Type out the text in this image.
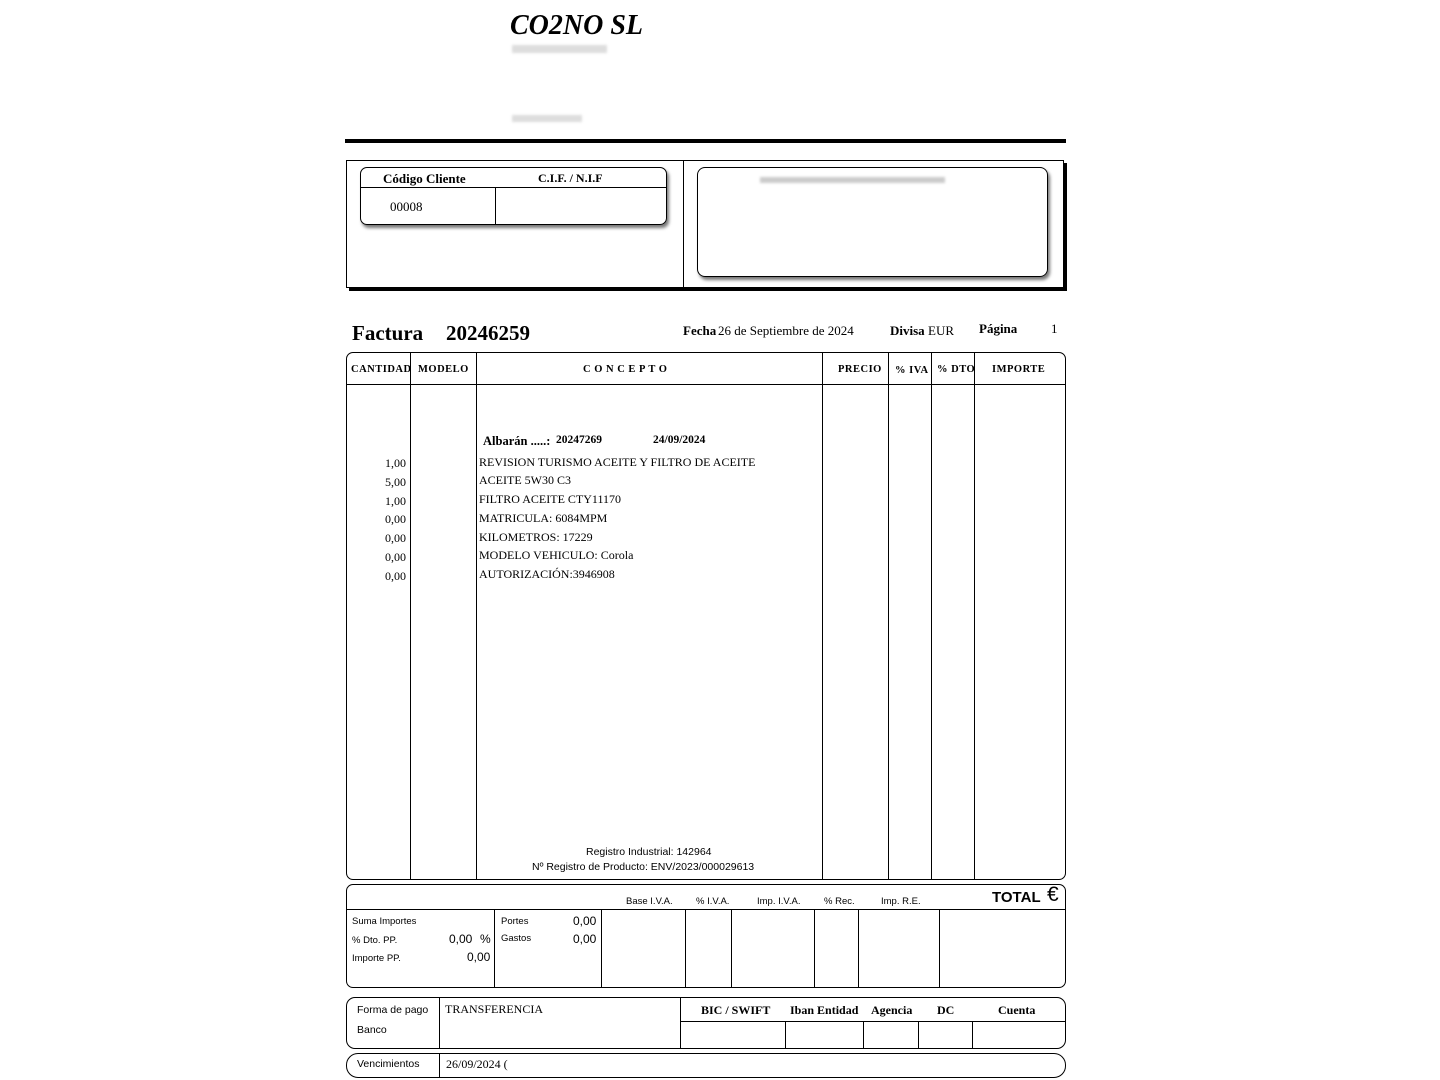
CO2NO SL
Código Cliente	C.I.F. / N.I.F
00008
Factura 20246259	Fecha 26 de Septiembre de 2024	Divisa EUR Página	1
CANTIDAD MODELO	C O N C E P T O	PRECIO % IVA % DTO IMPORTE
Albarán .....: 20247269	24/09/2024
1,00	REVISION TURISMO ACEITE Y FILTRO DE ACEITE
5,00	ACEITE 5W30 C3
1,00	FILTRO ACEITE CTY11170
0,00	MATRICULA: 6084MPM
0,00	KILOMETROS: 17229
0,00	MODELO VEHICULO: Corola
0,00	AUTORIZACIÓN:3946908
Registro Industrial: 142964
Nº Registro de Producto: ENV/2023/000029613
Base I.V.A. % I.V.A.	Imp. I.V.A. % Rec.	Imp. R.E.	TOTAL €
Suma Importes
% Dto. PP.	0,00 %
Importe PP.	0,00
Portes	0,00
Gastos	0,00
Forma de pago TRANSFERENCIA
Banco
BIC / SWIFT Iban Entidad Agencia DC	Cuenta
Vencimientos 26/09/2024 (
